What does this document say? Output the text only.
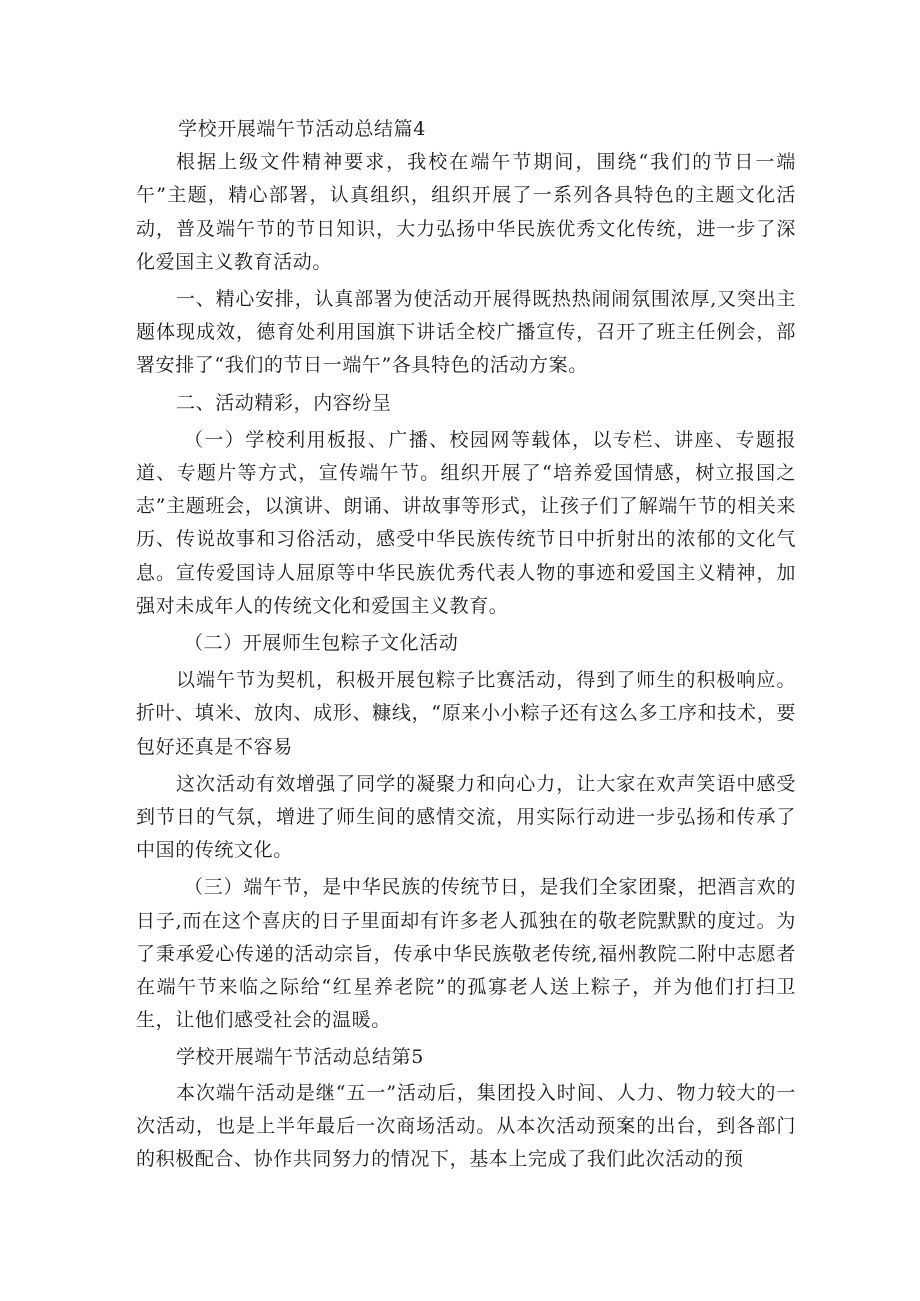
学校开展端午节活动总结篇4

根据上级文件精神要求，我校在端午节期间，围绕“我们的节日一端午”主题，精心部署，认真组织，组织开展了一系列各具特色的主题文化活动，普及端午节的节日知识，大力弘扬中华民族优秀文化传统，进一步了深化爱国主义教育活动。

一、精心安排，认真部署为使活动开展得既热热闹闹氛围浓厚,又突出主题体现成效，德育处利用国旗下讲话全校广播宣传，召开了班主任例会，部署安排了“我们的节日一端午”各具特色的活动方案。

二、活动精彩，内容纷呈

（一）学校利用板报、广播、校园网等载体，以专栏、讲座、专题报道、专题片等方式，宣传端午节。组织开展了“培养爱国情感，树立报国之志”主题班会，以演讲、朗诵、讲故事等形式，让孩子们了解端午节的相关来历、传说故事和习俗活动，感受中华民族传统节日中折射出的浓郁的文化气息。宣传爱国诗人屈原等中华民族优秀代表人物的事迹和爱国主义精神，加强对未成年人的传统文化和爱国主义教育。

（二）开展师生包粽子文化活动

以端午节为契机，积极开展包粽子比赛活动，得到了师生的积极响应。折叶、填米、放肉、成形、糠线，“原来小小粽子还有这么多工序和技术，要包好还真是不容易

这次活动有效增强了同学的凝聚力和向心力，让大家在欢声笑语中感受到节日的气氛，增进了师生间的感情交流，用实际行动进一步弘扬和传承了中国的传统文化。

（三）端午节，是中华民族的传统节日，是我们全家团聚，把酒言欢的日子,而在这个喜庆的日子里面却有许多老人孤独在的敬老院默默的度过。为了秉承爱心传递的活动宗旨，传承中华民族敬老传统,福州教院二附中志愿者在端午节来临之际给“红星养老院”的孤寡老人送上粽子，并为他们打扫卫生，让他们感受社会的温暖。

学校开展端午节活动总结第5

本次端午活动是继“五一”活动后，集团投入时间、人力、物力较大的一次活动，也是上半年最后一次商场活动。从本次活动预案的出台，到各部门的积极配合、协作共同努力的情况下，基本上完成了我们此次活动的预
